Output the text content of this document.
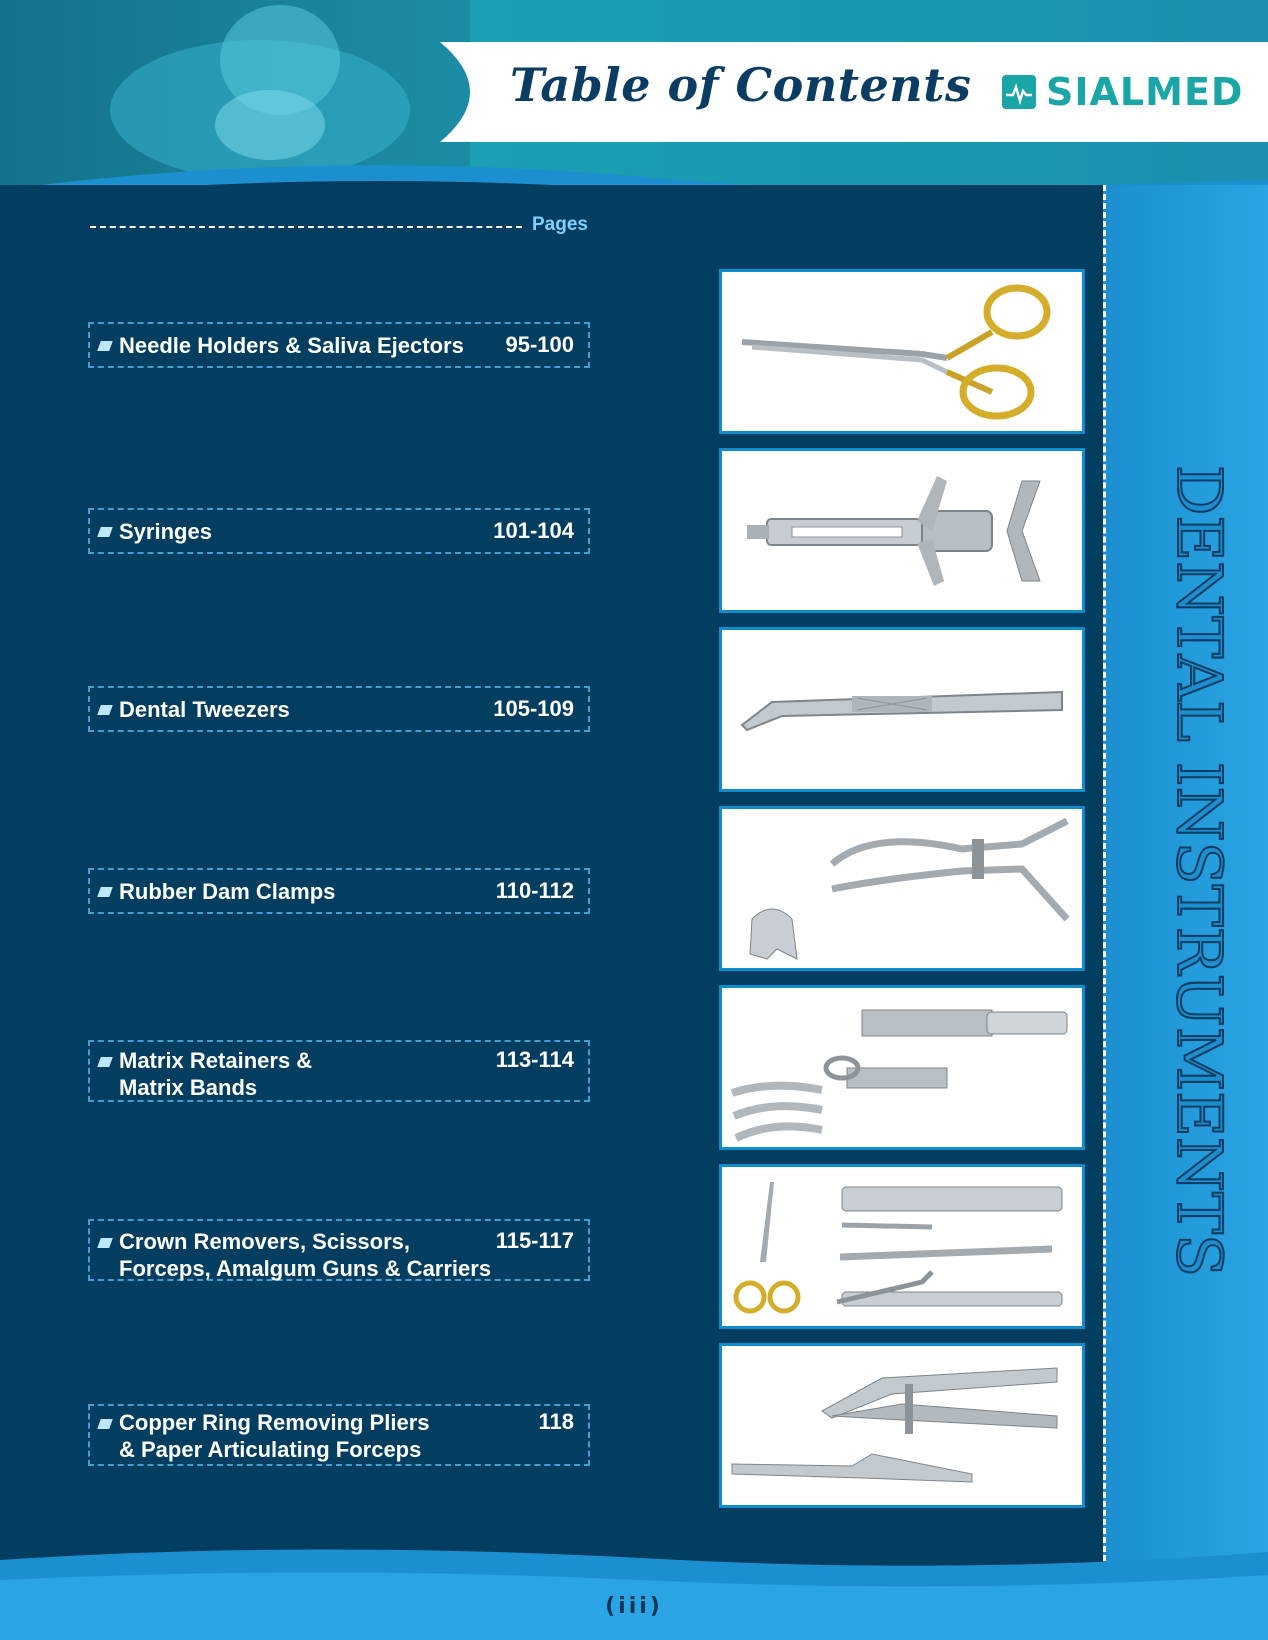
Table of Contents SIALMED
DENTAL INSTRUMENTS
Pages
Needle Holders & Saliva Ejectors 95-100
Syringes	101-104
Dental Tweezers	105-109
Rubber Dam Clamps	110-112
Matrix Retainers &
Matrix Bands
113-114
Crown Removers, Scissors,
Forceps, Amalgum Guns & Carriers
115-117
Copper Ring Removing Pliers
& Paper Articulating Forceps
118
(iii)
